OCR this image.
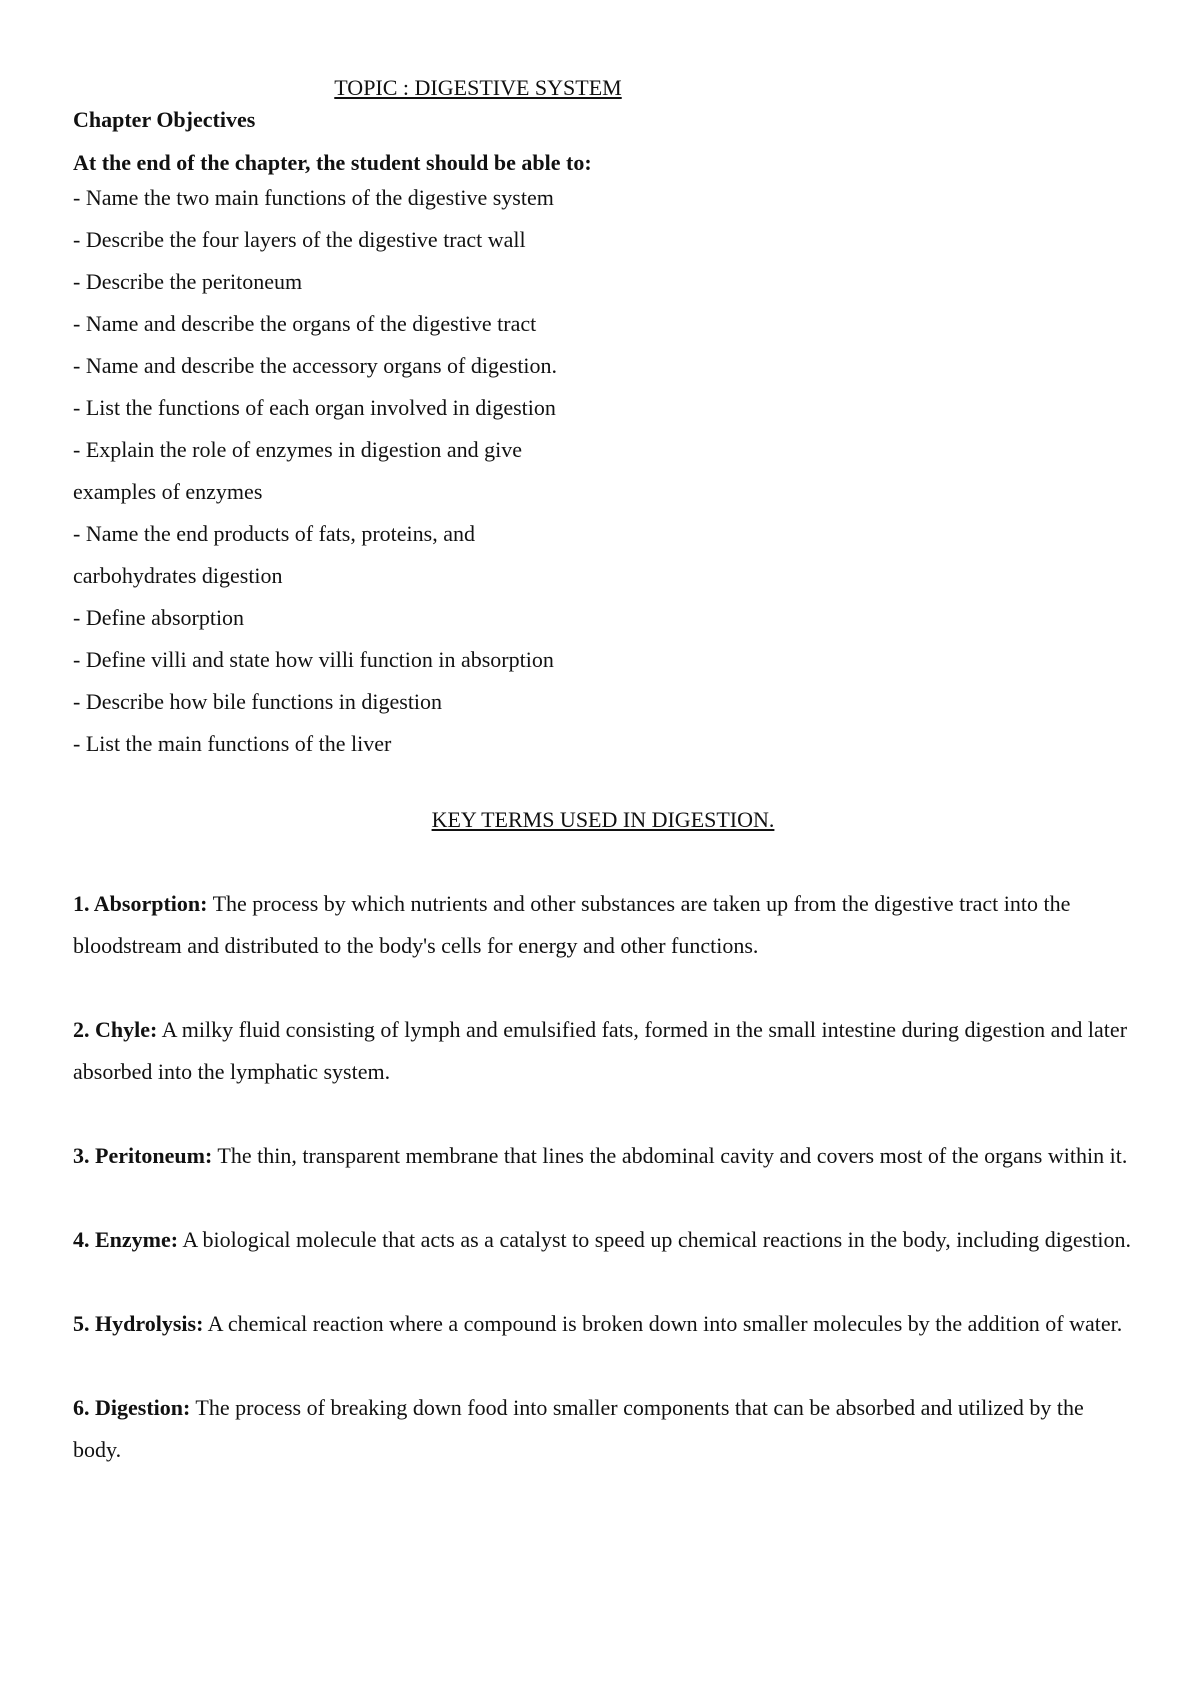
TOPIC : DIGESTIVE SYSTEM

Chapter Objectives

At the end of the chapter, the student should be able to:

- Name the two main functions of the digestive system
- Describe the four layers of the digestive tract wall
- Describe the peritoneum
- Name and describe the organs of the digestive tract
- Name and describe the accessory organs of digestion.
- List the functions of each organ involved in digestion
- Explain the role of enzymes in digestion and give examples of enzymes
- Name the end products of fats, proteins, and carbohydrates digestion
- Define absorption
- Define villi and state how villi function in absorption
- Describe how bile functions in digestion
- List the main functions of the liver
KEY TERMS USED IN DIGESTION.
1. Absorption: The process by which nutrients and other substances are taken up from the digestive tract into the bloodstream and distributed to the body's cells for energy and other functions.
2. Chyle: A milky fluid consisting of lymph and emulsified fats, formed in the small intestine during digestion and later absorbed into the lymphatic system.
3. Peritoneum: The thin, transparent membrane that lines the abdominal cavity and covers most of the organs within it.
4. Enzyme: A biological molecule that acts as a catalyst to speed up chemical reactions in the body, including digestion.
5. Hydrolysis: A chemical reaction where a compound is broken down into smaller molecules by the addition of water.
6. Digestion: The process of breaking down food into smaller components that can be absorbed and utilized by the body.
